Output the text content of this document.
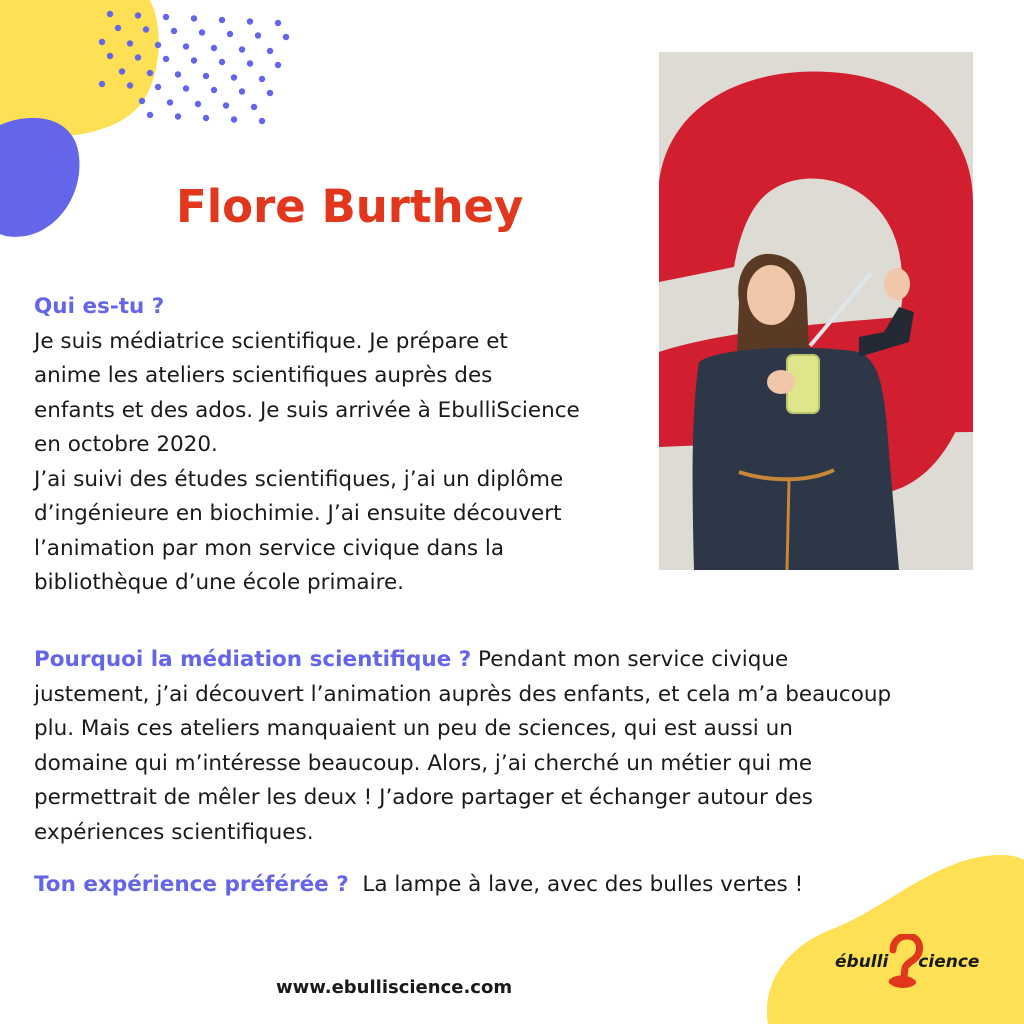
Flore Burthey
Qui es-tu ?
Je suis médiatrice scientifique. Je prépare et
anime les ateliers scientifiques auprès des
enfants et des ados. Je suis arrivée à EbulliScience
en octobre 2020.
J’ai suivi des études scientifiques, j’ai un diplôme
d’ingénieure en biochimie. J’ai ensuite découvert
l’animation par mon service civique dans la
bibliothèque d’une école primaire.
Pourquoi la médiation scientifique ? Pendant mon service civique
justement, j’ai découvert l’animation auprès des enfants, et cela m’a beaucoup
plu. Mais ces ateliers manquaient un peu de sciences, qui est aussi un
domaine qui m’intéresse beaucoup. Alors, j’ai cherché un métier qui me
permettrait de mêler les deux ! J’adore partager et échanger autour des
expériences scientifiques.
Ton expérience préférée ?  La lampe à lave, avec des bulles vertes !
www.ebulliscience.com
ébulli cience
